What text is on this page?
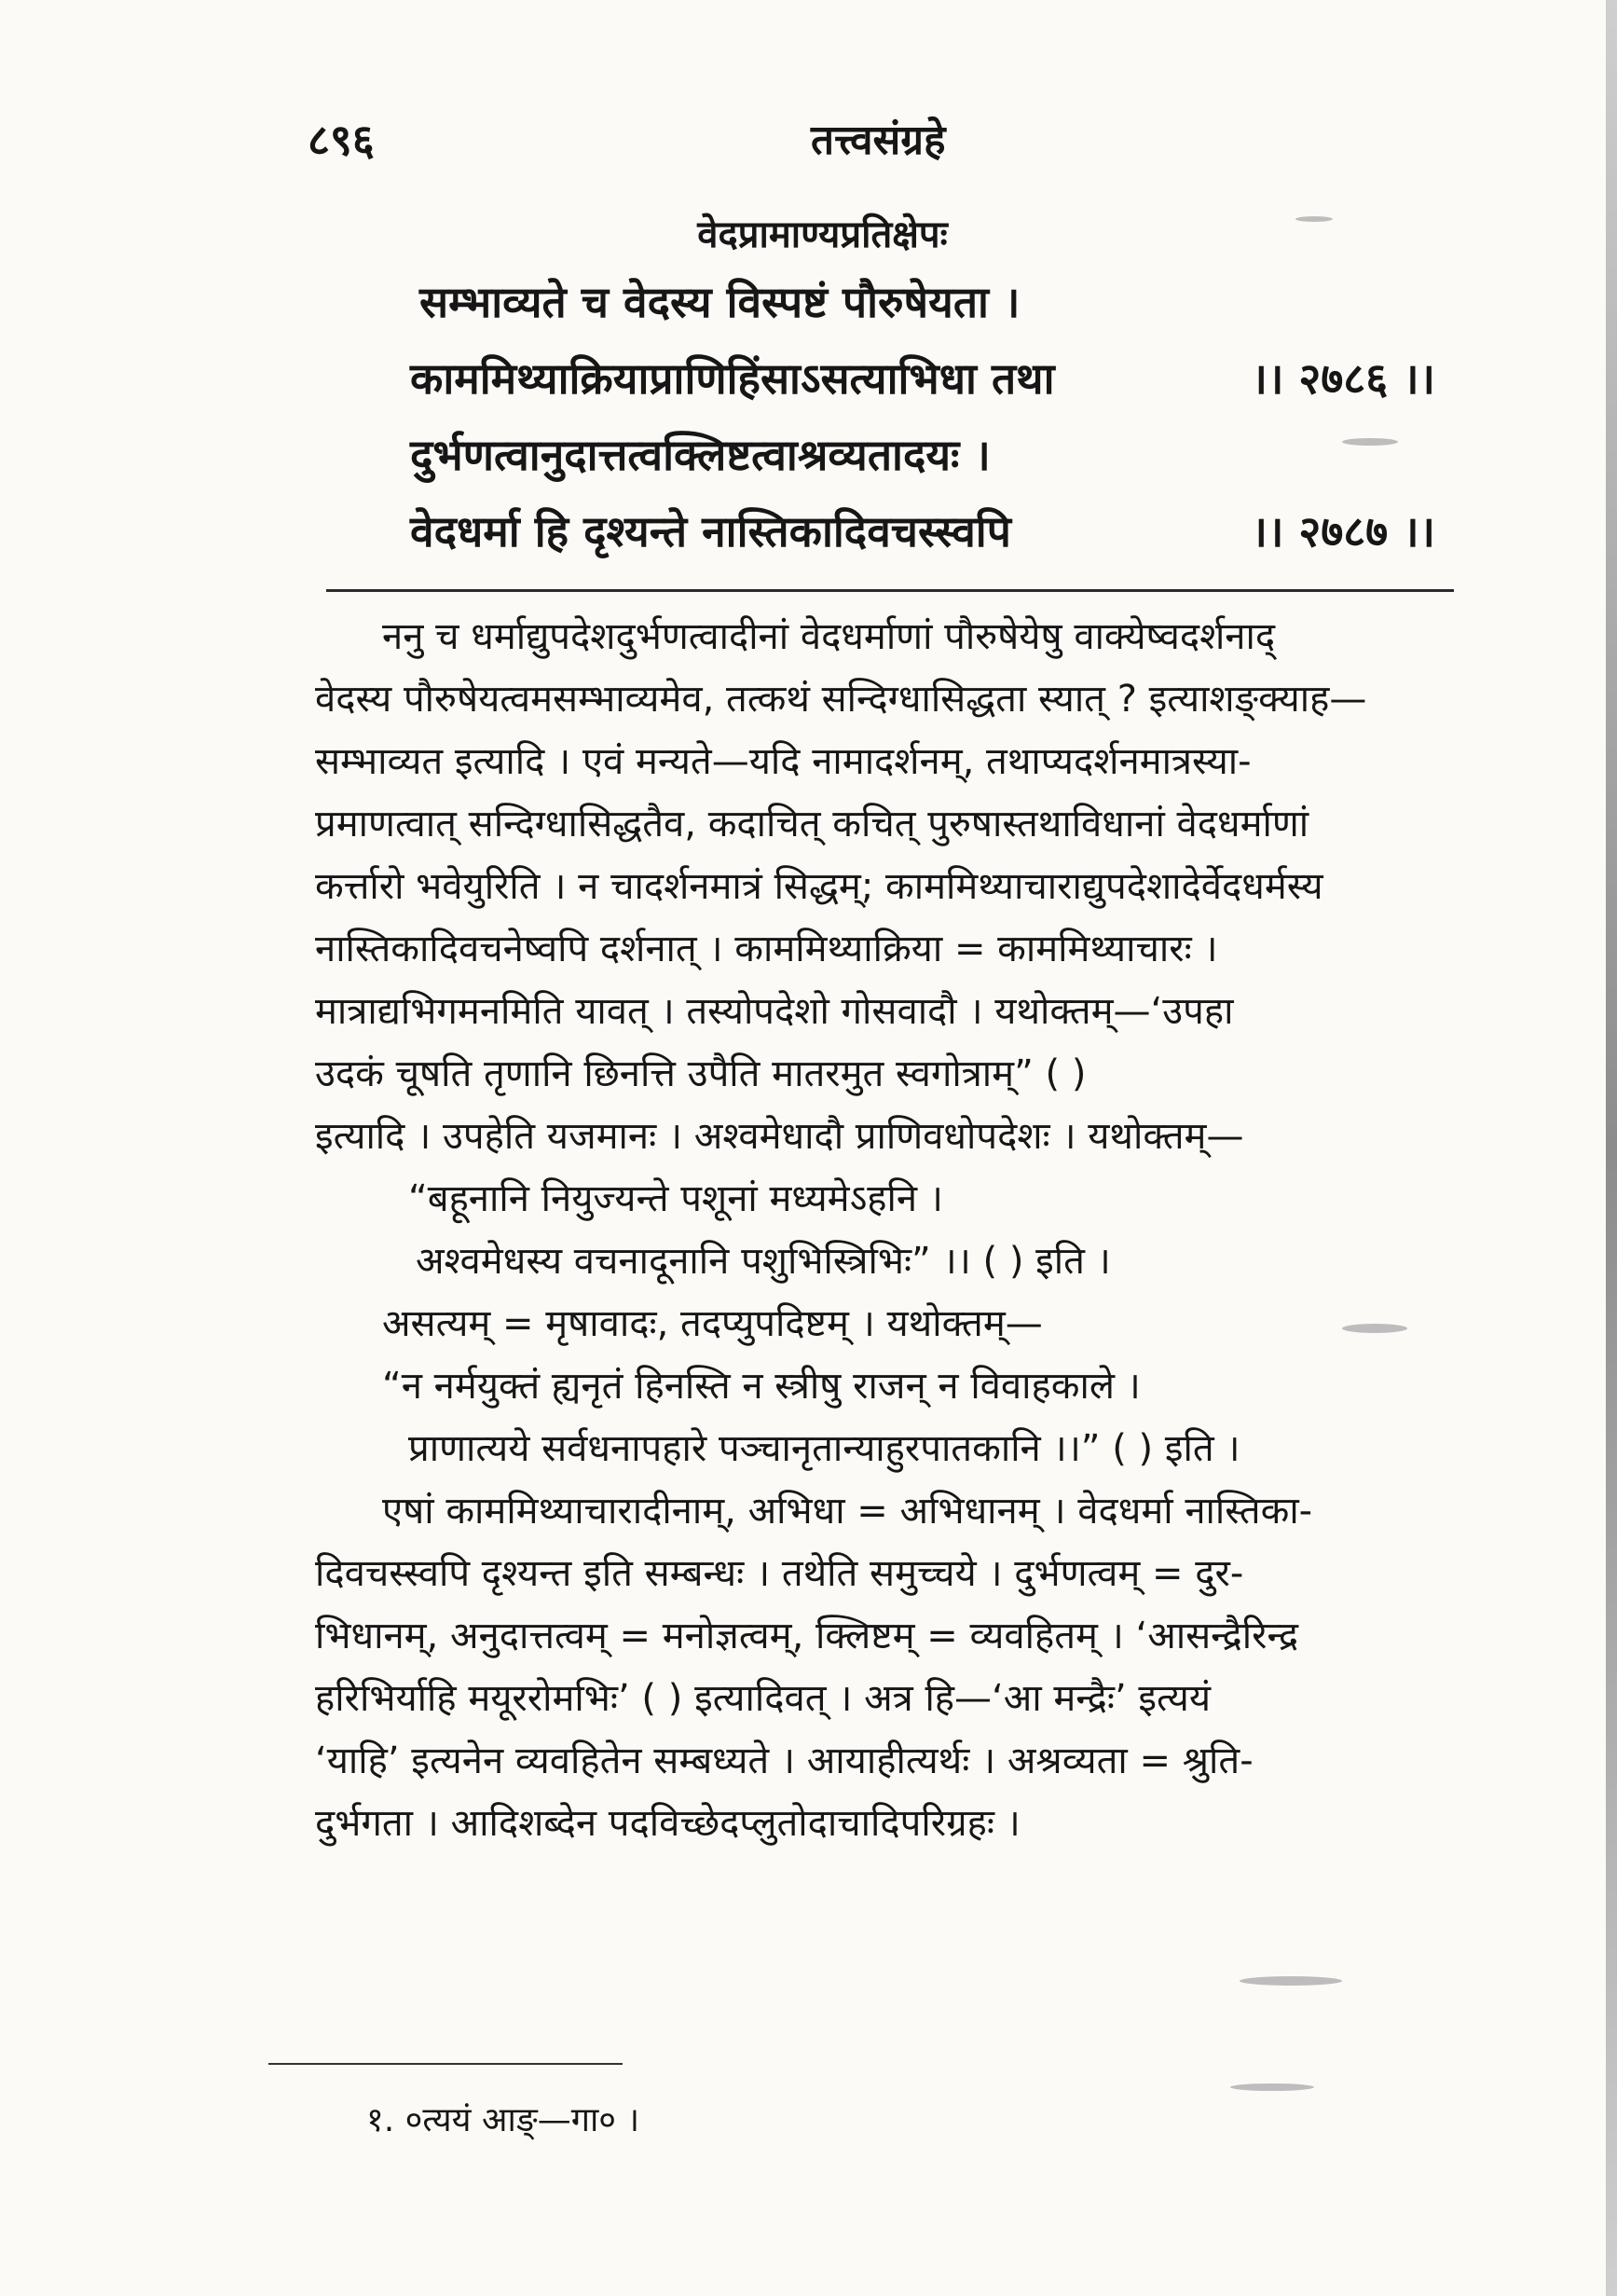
८९६	तत्त्वसंग्रहे
वेदप्रामाण्यप्रतिक्षेपः
सम्भाव्यते च वेदस्य विस्पष्टं पौरुषेयता ।
काममिथ्याक्रियाप्राणिहिंसाऽसत्याभिधा तथा	।। २७८६ ।।
दुर्भणत्वानुदात्तत्वक्लिष्टत्वाश्रव्यतादयः ।
वेदधर्मा हि दृश्यन्ते नास्तिकादिवचस्स्वपि	।। २७८७ ।।

ननु च धर्माद्युपदेशदुर्भणत्वादीनां वेदधर्माणां पौरुषेयेषु वाक्येष्वदर्शनाद्

वेदस्य पौरुषेयत्वमसम्भाव्यमेव, तत्कथं सन्दिग्धासिद्धता स्यात् ? इत्याशङ्क्याह—

सम्भाव्यत इत्यादि । एवं मन्यते—यदि नामादर्शनम्, तथाप्यदर्शनमात्रस्या-

प्रमाणत्वात् सन्दिग्धासिद्धतैव, कदाचित् कचित् पुरुषास्तथाविधानां वेदधर्माणां

कर्त्तारो भवेयुरिति । न चादर्शनमात्रं सिद्धम्; काममिथ्याचाराद्युपदेशादेर्वेदधर्मस्य

नास्तिकादिवचनेष्वपि दर्शनात् । काममिथ्याक्रिया = काममिथ्याचारः ।

मात्राद्यभिगमनमिति यावत् । तस्योपदेशो गोसवादौ । यथोक्तम्—‘उपहा

उदकं चूषति तृणानि छिनत्ति उपैति मातरमुत स्वगोत्राम्” ( )

इत्यादि । उपहेति यजमानः । अश्वमेधादौ प्राणिवधोपदेशः । यथोक्तम्—

“बहूनानि नियुज्यन्ते पशूनां मध्यमेऽहनि ।

अश्वमेधस्य वचनादूनानि पशुभिस्त्रिभिः” ।। ( ) इति ।

असत्यम् = मृषावादः, तदप्युपदिष्टम् । यथोक्तम्—

“न नर्मयुक्तं ह्यनृतं हिनस्ति न स्त्रीषु राजन् न विवाहकाले ।

प्राणात्यये सर्वधनापहारे पञ्चानृतान्याहुरपातकानि ।।” ( ) इति ।

एषां काममिथ्याचारादीनाम्, अभिधा = अभिधानम् । वेदधर्मा नास्तिका-

दिवचस्स्वपि दृश्यन्त इति सम्बन्धः । तथेति समुच्चये । दुर्भणत्वम् = दुर-

भिधानम्, अनुदात्तत्वम् = मनोज्ञत्वम्, क्लिष्टम् = व्यवहितम् । ‘आसन्द्रैरिन्द्र

हरिभिर्याहि मयूररोमभिः’ ( ) इत्यादिवत् । अत्र हि—‘आ मन्द्रैः’ इत्ययं

‘याहि’ इत्यनेन व्यवहितेन सम्बध्यते । आयाहीत्यर्थः । अश्रव्यता = श्रुति-

दुर्भगता । आदिशब्देन पदविच्छेदप्लुतोदाचादिपरिग्रहः ।

१. ०त्ययं आङ्—गा० ।
